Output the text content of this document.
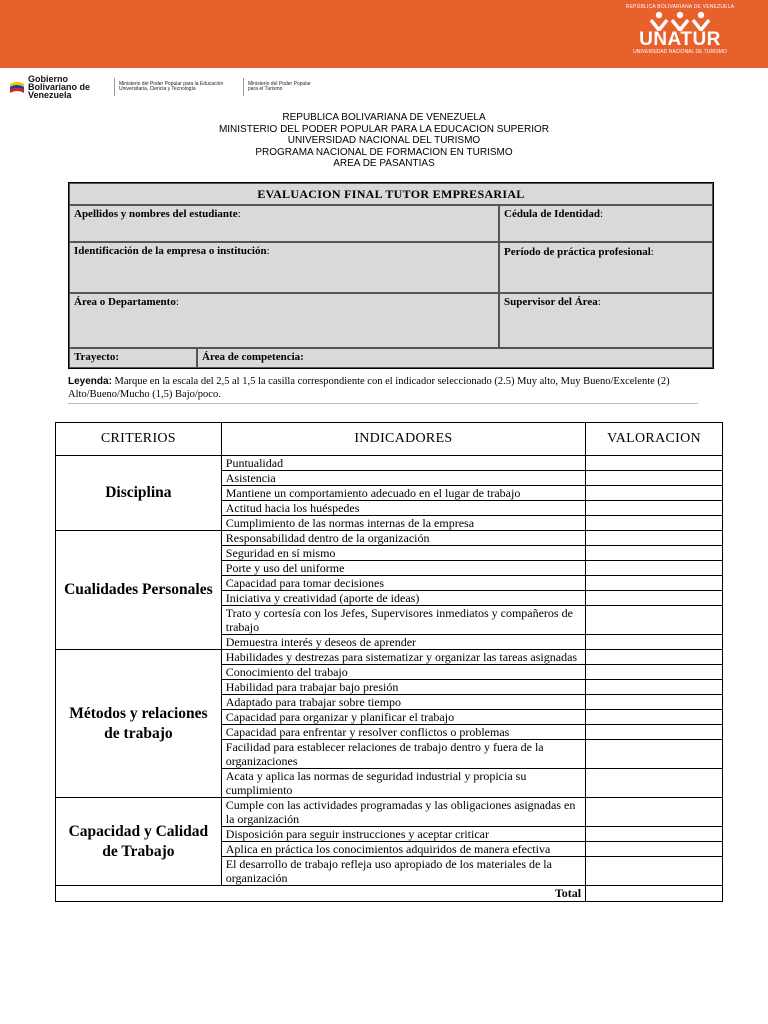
REPÚBLICA BOLIVARIANA DE VENEZUELA
UNATUR
UNIVERSIDAD NACIONAL DE TURISMO
Gobierno Bolivariano de Venezuela
Ministerio del Poder Popular para la Educación Universitaria, Ciencia y Tecnología
Ministerio del Poder Popular para el Turismo
REPUBLICA BOLIVARIANA DE VENEZUELA
MINISTERIO DEL PODER POPULAR PARA LA EDUCACION SUPERIOR
UNIVERSIDAD NACIONAL DEL TURISMO
PROGRAMA NACIONAL DE FORMACION EN TURISMO
AREA DE PASANTIAS
EVALUACION FINAL TUTOR EMPRESARIAL
Apellidos y nombres del estudiante:	Cédula de Identidad:
Identificación de la empresa o institución:	Período de práctica profesional:
Área o Departamento:	Supervisor del Área:
Trayecto:	Área de competencia:
Leyenda: Marque en la escala del 2,5 al 1,5 la casilla correspondiente con el indicador seleccionado (2.5) Muy alto, Muy Bueno/Excelente (2) Alto/Bueno/Mucho (1,5) Bajo/poco.
CRITERIOS	INDICADORES	VALORACION
Disciplina	Puntualidad	
	Asistencia	
	Mantiene un comportamiento adecuado en el lugar de trabajo	
	Actitud hacia los huéspedes	
	Cumplimiento de las normas internas de la empresa	
Cualidades Personales	Responsabilidad dentro de la organización	
	Seguridad en sí mismo	
	Porte y uso del uniforme	
	Capacidad para tomar decisiones	
	Iniciativa y creatividad (aporte de ideas)	
	Trato y cortesía con los Jefes, Supervisores inmediatos y compañeros de trabajo	
	Demuestra interés y deseos de aprender	
Métodos y relaciones de trabajo	Habilidades y destrezas para sistematizar y organizar las tareas asignadas	
	Conocimiento del trabajo	
	Habilidad para trabajar bajo presión	
	Adaptado para trabajar sobre tiempo	
	Capacidad para organizar y planificar el trabajo	
	Capacidad para enfrentar y resolver conflictos o problemas	
	Facilidad para establecer relaciones de trabajo dentro y fuera de la organizaciones	
	Acata y aplica las normas de seguridad industrial y propicia su cumplimiento	
Capacidad y Calidad de Trabajo	Cumple con las actividades programadas y las obligaciones asignadas en la organización	
	Disposición para seguir instrucciones y aceptar criticar	
	Aplica en práctica los conocimientos adquiridos de manera efectiva	
	El desarrollo de trabajo refleja uso apropiado de los materiales de la organización	
	Total	
